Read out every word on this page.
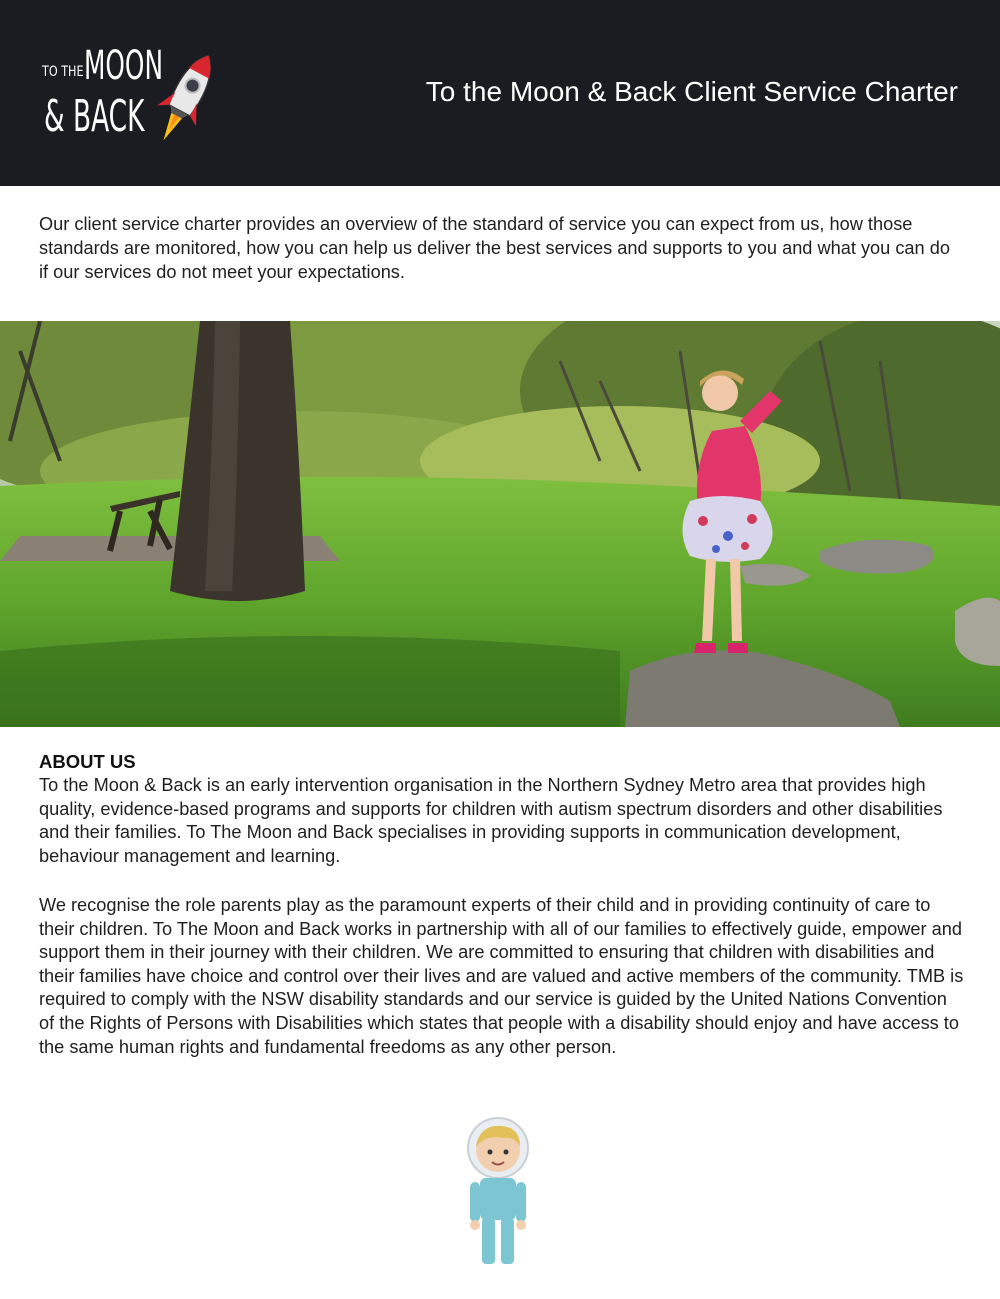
TO THE MOON
& BACK	To the Moon & Back Client Service Charter

Our client service charter provides an overview of the standard of service you can expect from us, how those standards are monitored, how you can help us deliver the best services and supports to you and what you can do if our services do not meet your expectations.

ABOUT US

To the Moon & Back is an early intervention organisation in the Northern Sydney Metro area that provides high quality, evidence-based programs and supports for children with autism spectrum disorders and other disabilities and their families. To The Moon and Back specialises in providing supports in communication development, behaviour management and learning.

We recognise the role parents play as the paramount experts of their child and in providing continuity of care to their children. To The Moon and Back works in partnership with all of our families to effectively guide, empower and support them in their journey with their children. We are committed to ensuring that children with disabilities and their families have choice and control over their lives and are valued and active members of the community. TMB is required to comply with the NSW disability standards and our service is guided by the United Nations Convention of the Rights of Persons with Disabilities which states that people with a disability should enjoy and have access to the same human rights and fundamental freedoms as any other person.
